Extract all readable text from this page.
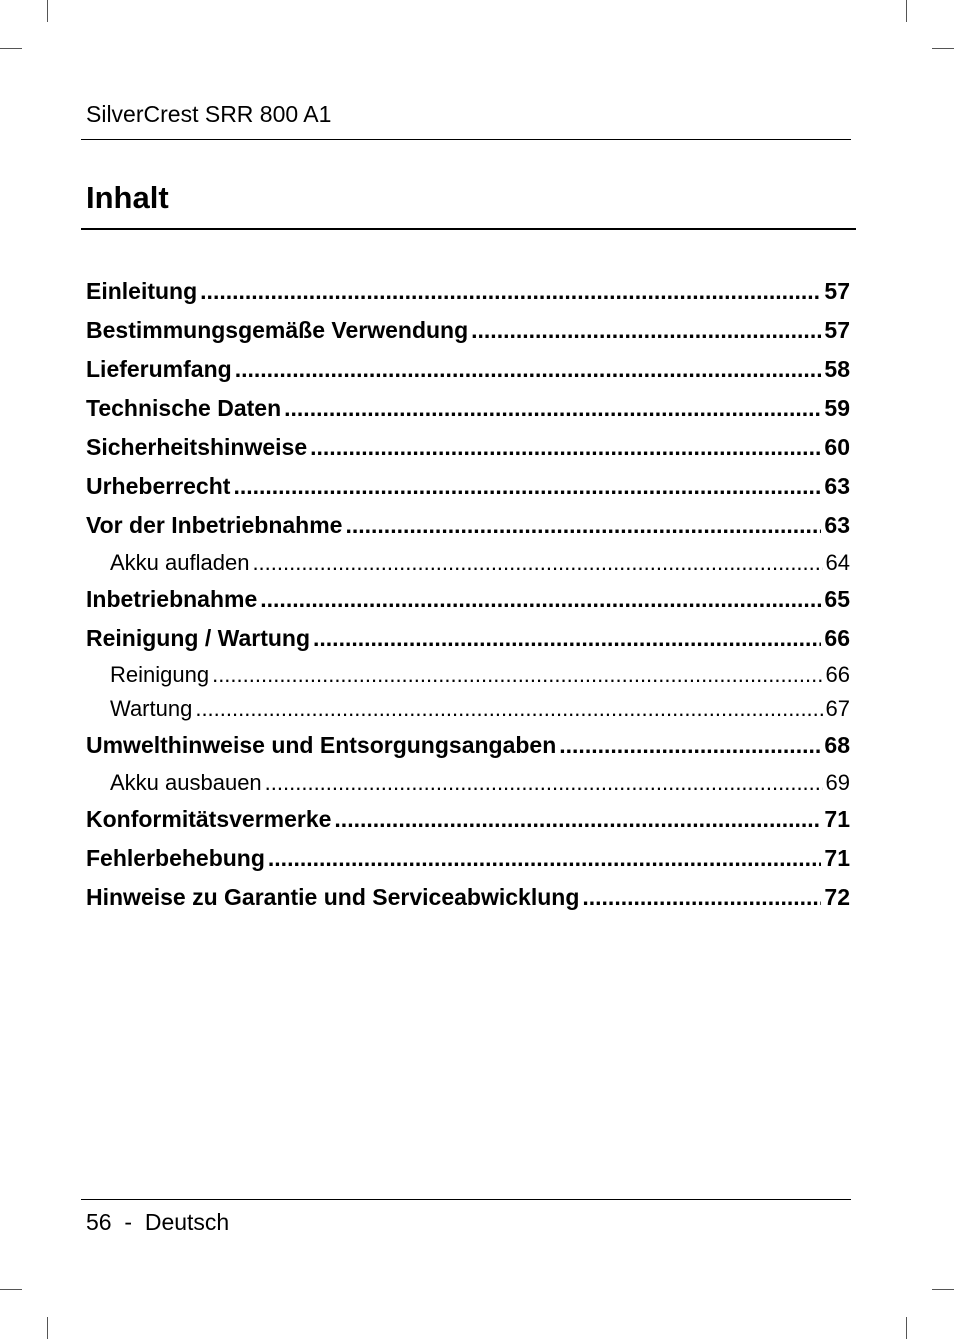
SilverCrest SRR 800 A1
Inhalt
Einleitung .....	57
Bestimmungsgemäße Verwendung .....	57
Lieferumfang .....	58
Technische Daten .....	59
Sicherheitshinweise .....	60
Urheberrecht .....	63
Vor der Inbetriebnahme .....	63
Akku aufladen .....	64
Inbetriebnahme .....	65
Reinigung / Wartung .....	66
Reinigung .....	66
Wartung .....	67
Umwelthinweise und Entsorgungsangaben .....	68
Akku ausbauen .....	69
Konformitätsvermerke .....	71
Fehlerbehebung .....	71
Hinweise zu Garantie und Serviceabwicklung .....	72
56 - Deutsch
